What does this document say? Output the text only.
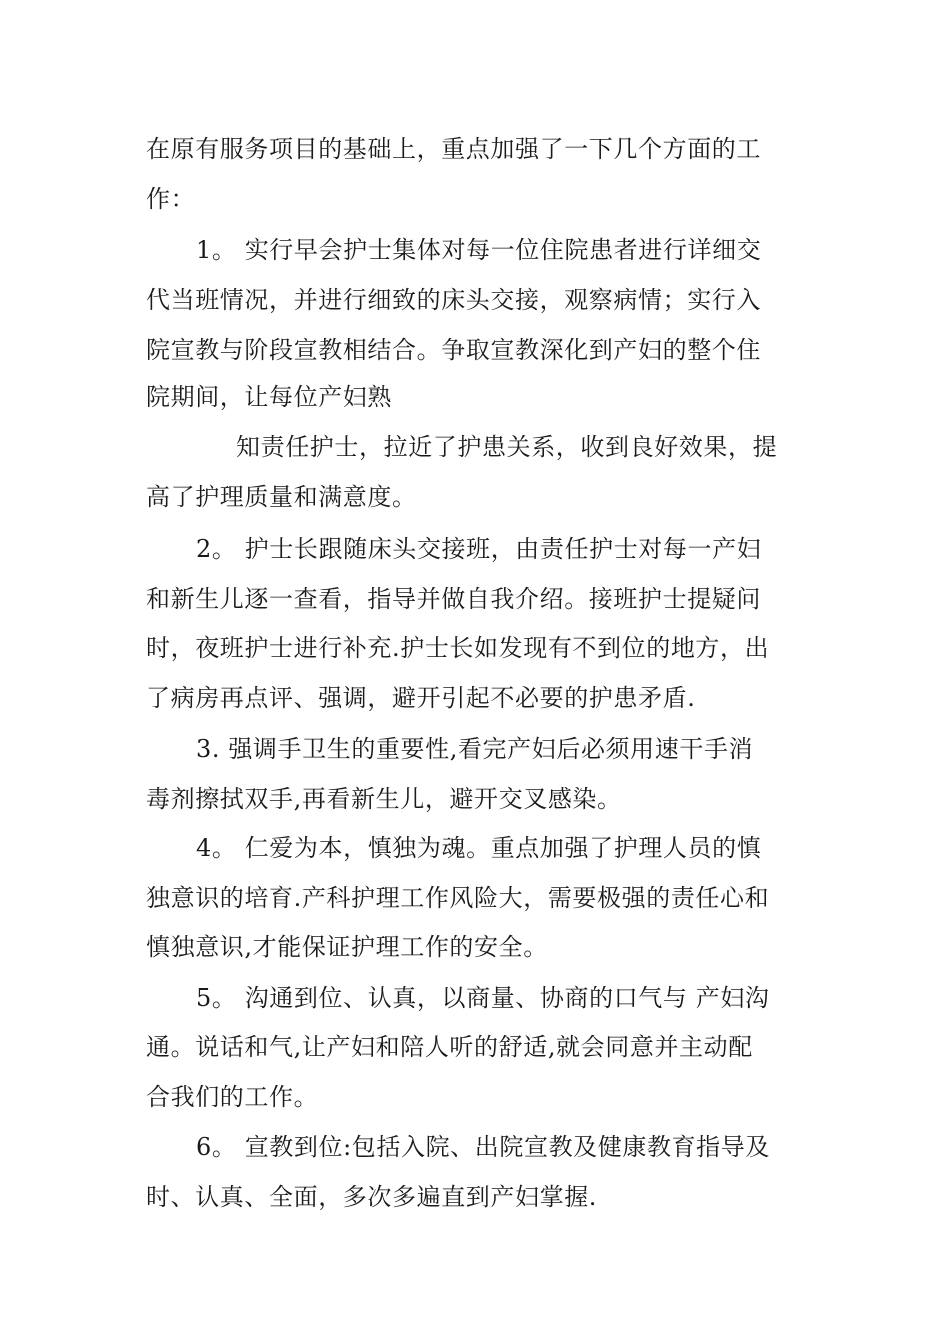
在原有服务项目的基础上，重点加强了一下几个方面的工
作：
1。 实行早会护士集体对每一位住院患者进行详细交
代当班情况，并进行细致的床头交接，观察病情；实行入
院宣教与阶段宣教相结合。争取宣教深化到产妇的整个住
院期间，让每位产妇熟
知责任护士，拉近了护患关系，收到良好效果，提
高了护理质量和满意度。
2。 护士长跟随床头交接班，由责任护士对每一产妇
和新生儿逐一查看，指导并做自我介绍。接班护士提疑问
时，夜班护士进行补充.护士长如发现有不到位的地方，出
了病房再点评、强调，避开引起不必要的护患矛盾.
3. 强调手卫生的重要性,看完产妇后必须用速干手消
毒剂擦拭双手,再看新生儿，避开交叉感染。
4。 仁爱为本，慎独为魂。重点加强了护理人员的慎
独意识的培育.产科护理工作风险大，需要极强的责任心和
慎独意识,才能保证护理工作的安全。
5。 沟通到位、认真，以商量、协商的口气与 产妇沟
通。说话和气,让产妇和陪人听的舒适,就会同意并主动配
合我们的工作。
6。 宣教到位:包括入院、出院宣教及健康教育指导及
时、认真、全面，多次多遍直到产妇掌握.
